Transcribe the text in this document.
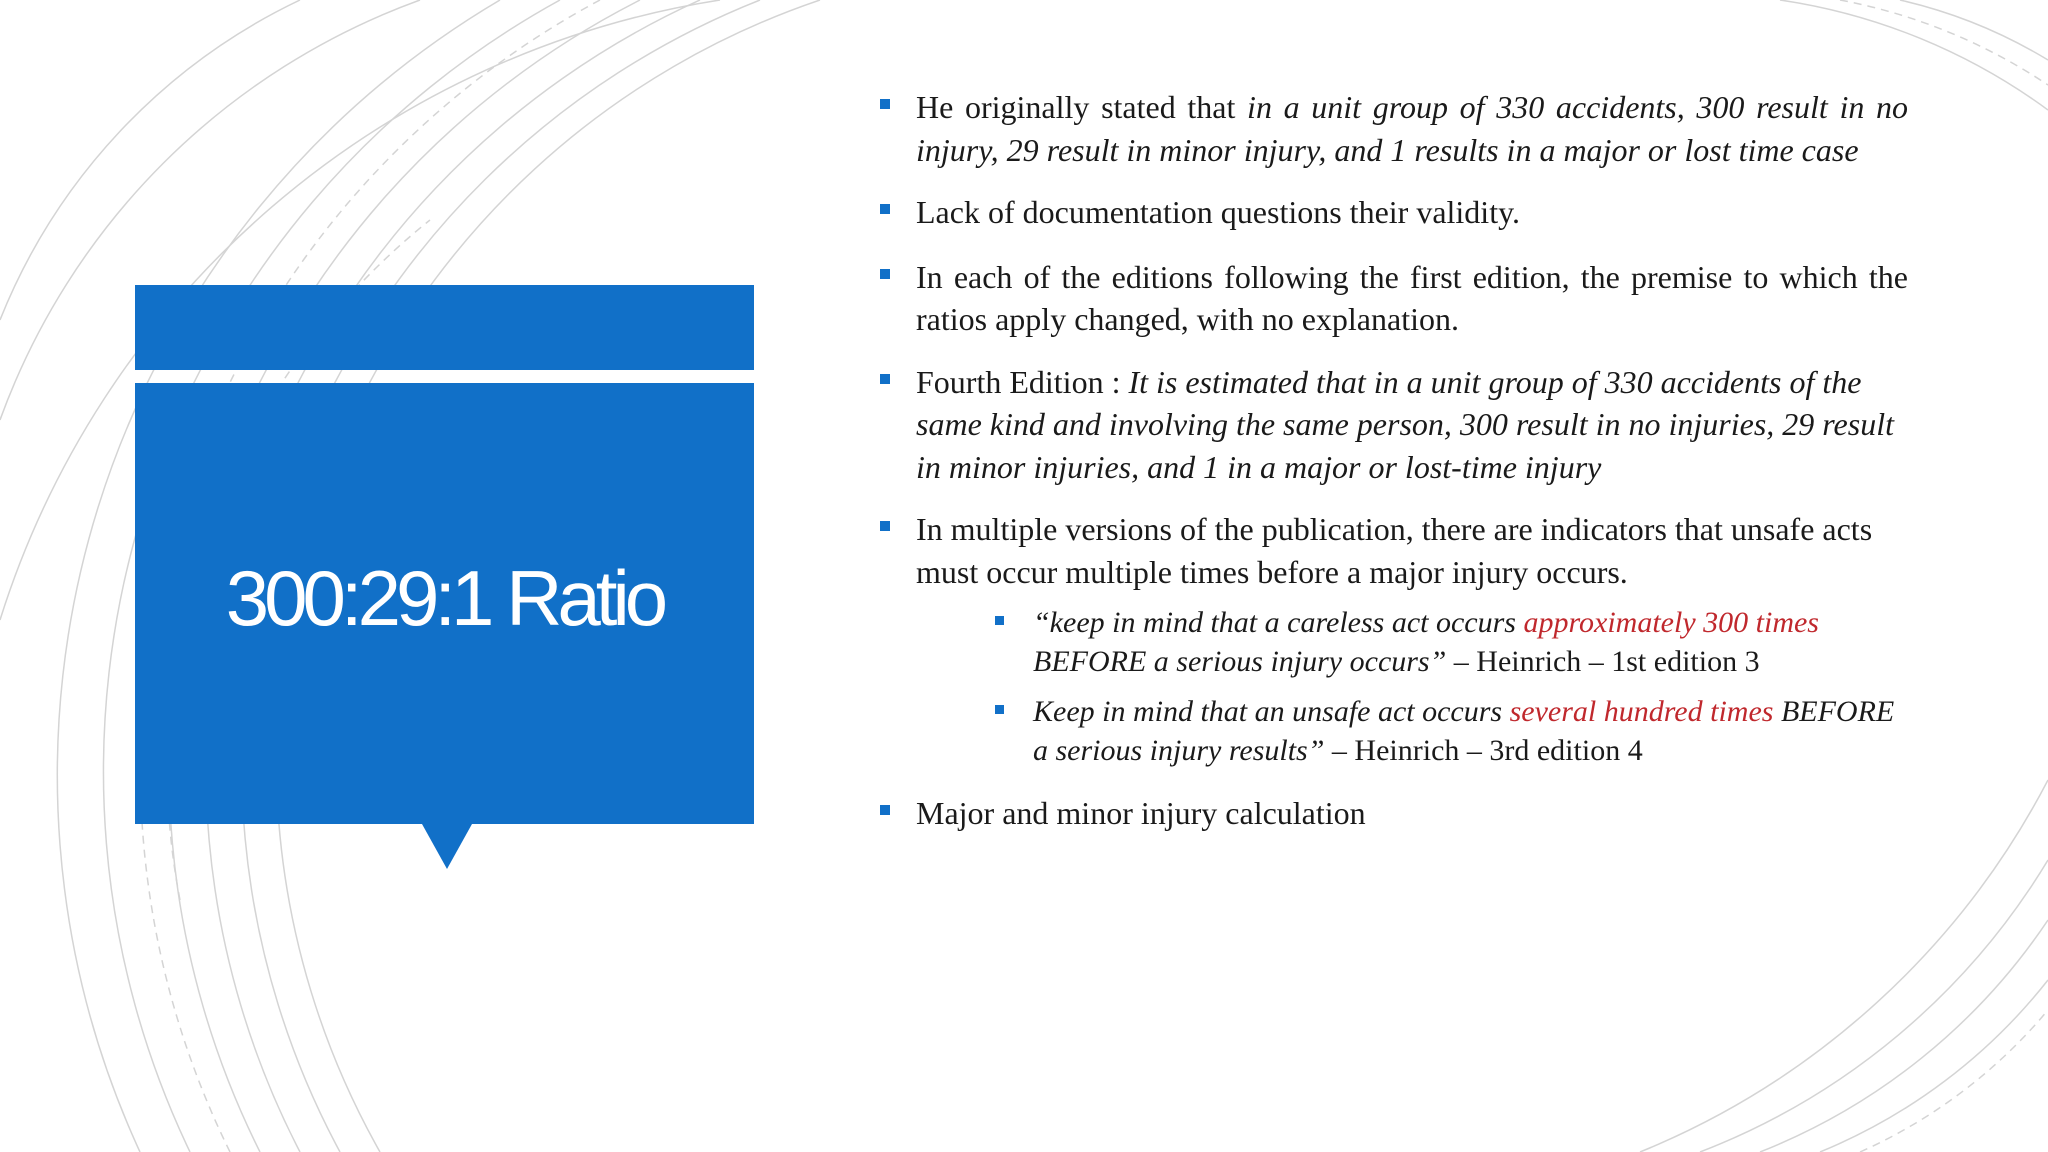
300:29:1 Ratio
He originally stated that in a unit group of 330 accidents, 300 result in no injury, 29 result in minor injury, and 1 results in a major or lost time case
Lack of documentation questions their validity.
In each of the editions following the first edition, the premise to which the ratios apply changed, with no explanation.
Fourth Edition : It is estimated that in a unit group of 330 accidents of the same kind and involving the same person, 300 result in no injuries, 29 result in minor injuries, and 1 in a major or lost-time injury
In multiple versions of the publication, there are indicators that unsafe acts must occur multiple times before a major injury occurs.
“keep in mind that a careless act occurs approximately 300 times BEFORE a serious injury occurs” – Heinrich – 1st edition 3
Keep in mind that an unsafe act occurs several hundred times BEFORE a serious injury results” – Heinrich – 3rd edition 4
Major and minor injury calculation
